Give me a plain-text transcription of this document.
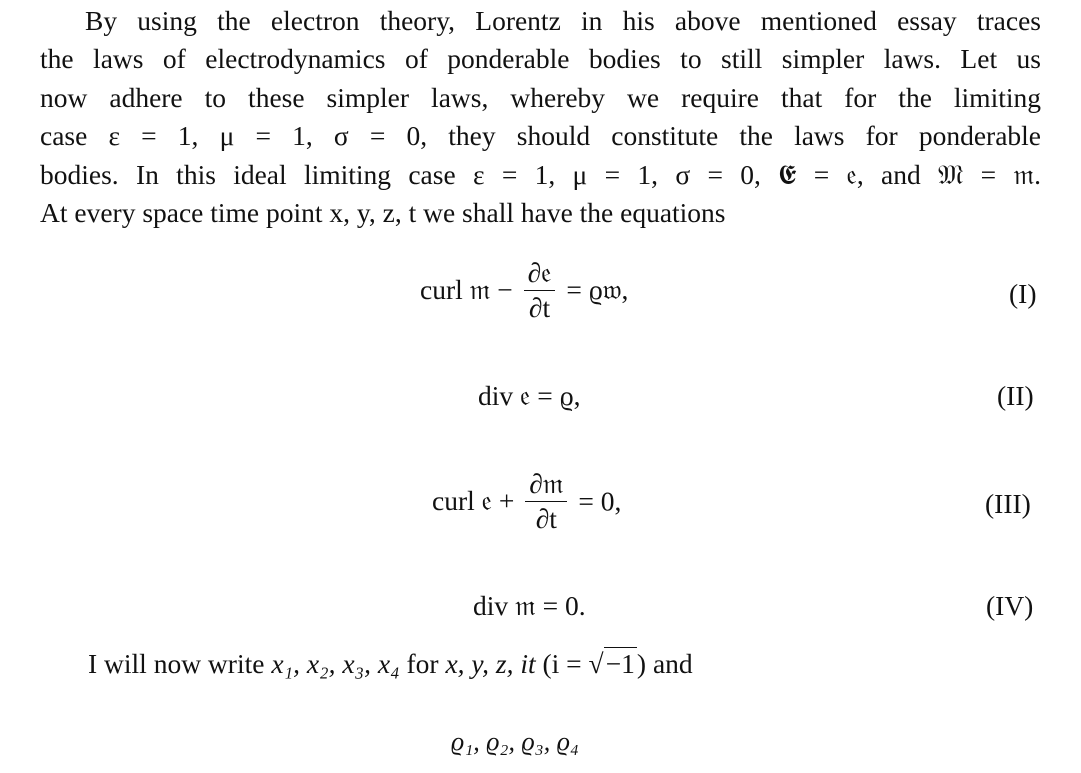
By using the electron theory, Lorentz in his above mentioned essay traces
the laws of electrodynamics of ponderable bodies to still simpler laws. Let us
now adhere to these simpler laws, whereby we require that for the limiting
case ε = 1, μ = 1, σ = 0, they should constitute the laws for ponderable
bodies. In this ideal limiting case ε = 1, μ = 1, σ = 0, 𝕰 = 𝔢, and 𝔐 = 𝔪.
At every space time point x, y, z, t we shall have the equations
curl 𝔪 − $\frac{\text{∂𝔢}}{\partial t}$ = ϱ𝔴,	(I)
div 𝔢 = ϱ,	(II)
curl 𝔢 + $\frac{\text{∂𝔪}}{\partial t} = 0$,	(III)
div 𝔪 = 0.	(IV)
I will now write x₁, x₂, x₃, x₄ for x, y, z, it (i = √−1) and
ϱ₁, ϱ₂, ϱ₃, ϱ₄
